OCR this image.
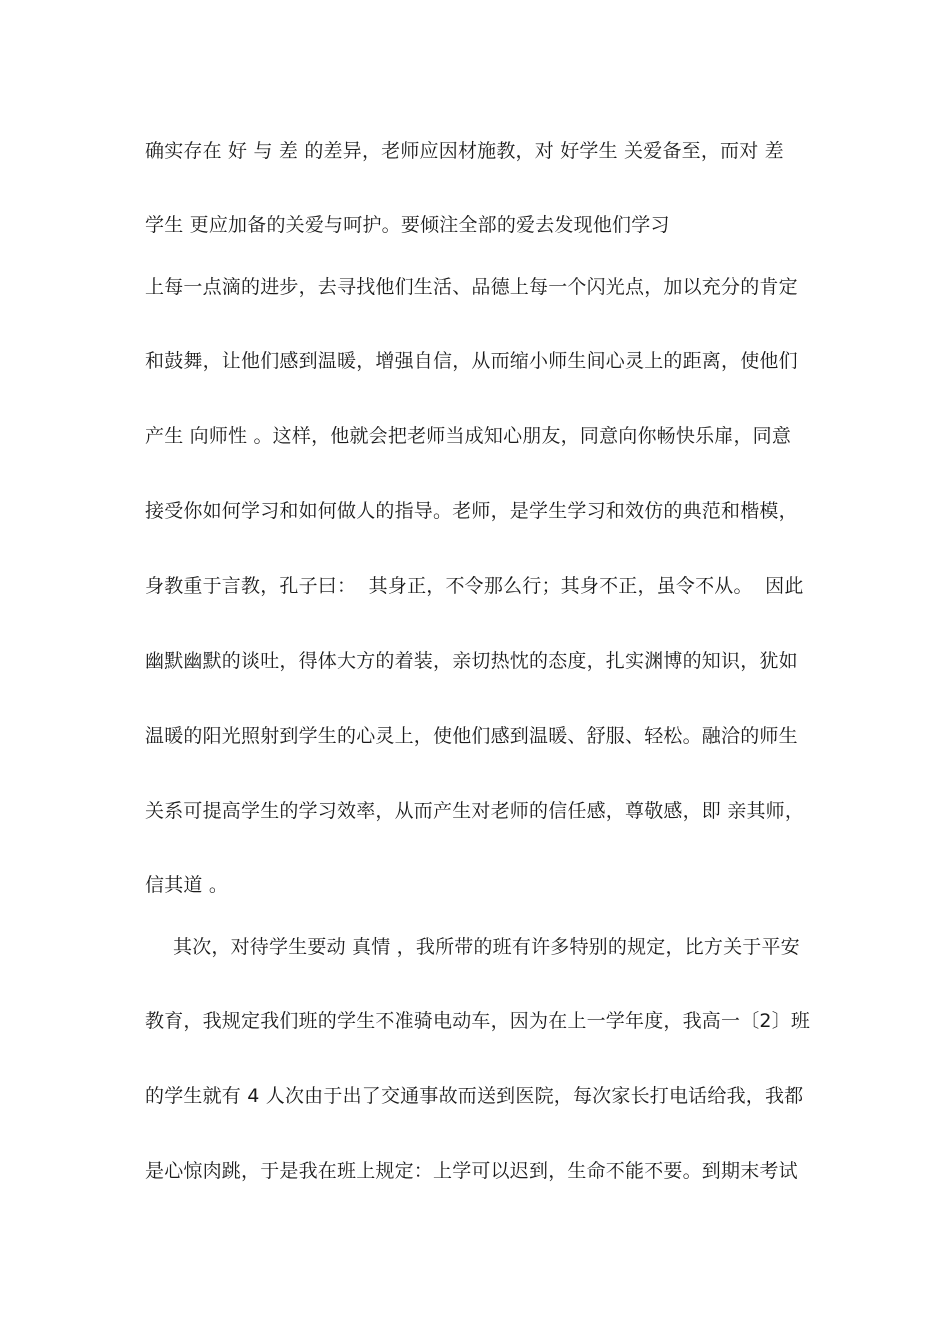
确实存在 好 与 差 的差异，老师应因材施教，对 好学生 关爱备至，而对 差
学生 更应加备的关爱与呵护。要倾注全部的爱去发现他们学习
上每一点滴的进步，去寻找他们生活、品德上每一个闪光点，加以充分的肯定
和鼓舞，让他们感到温暖，增强自信，从而缩小师生间心灵上的距离，使他们
产生 向师性 。这样，他就会把老师当成知心朋友，同意向你畅快乐扉，同意
接受你如何学习和如何做人的指导。老师，是学生学习和效仿的典范和楷模，
身教重于言教，孔子曰：  其身正，不令那么行；其身不正，虽令不从。  因此
幽默幽默的谈吐，得体大方的着装，亲切热忱的态度，扎实渊博的知识，犹如
温暖的阳光照射到学生的心灵上，使他们感到温暖、舒服、轻松。融洽的师生
关系可提高学生的学习效率，从而产生对老师的信任感，尊敬感，即 亲其师，
信其道 。
其次，对待学生要动 真情 ，我所带的班有许多特别的规定，比方关于平安
教育，我规定我们班的学生不准骑电动车，因为在上一学年度，我高一〔2〕班
的学生就有 4 人次由于出了交通事故而送到医院，每次家长打电话给我，我都
是心惊肉跳，于是我在班上规定：上学可以迟到，生命不能不要。到期末考试
